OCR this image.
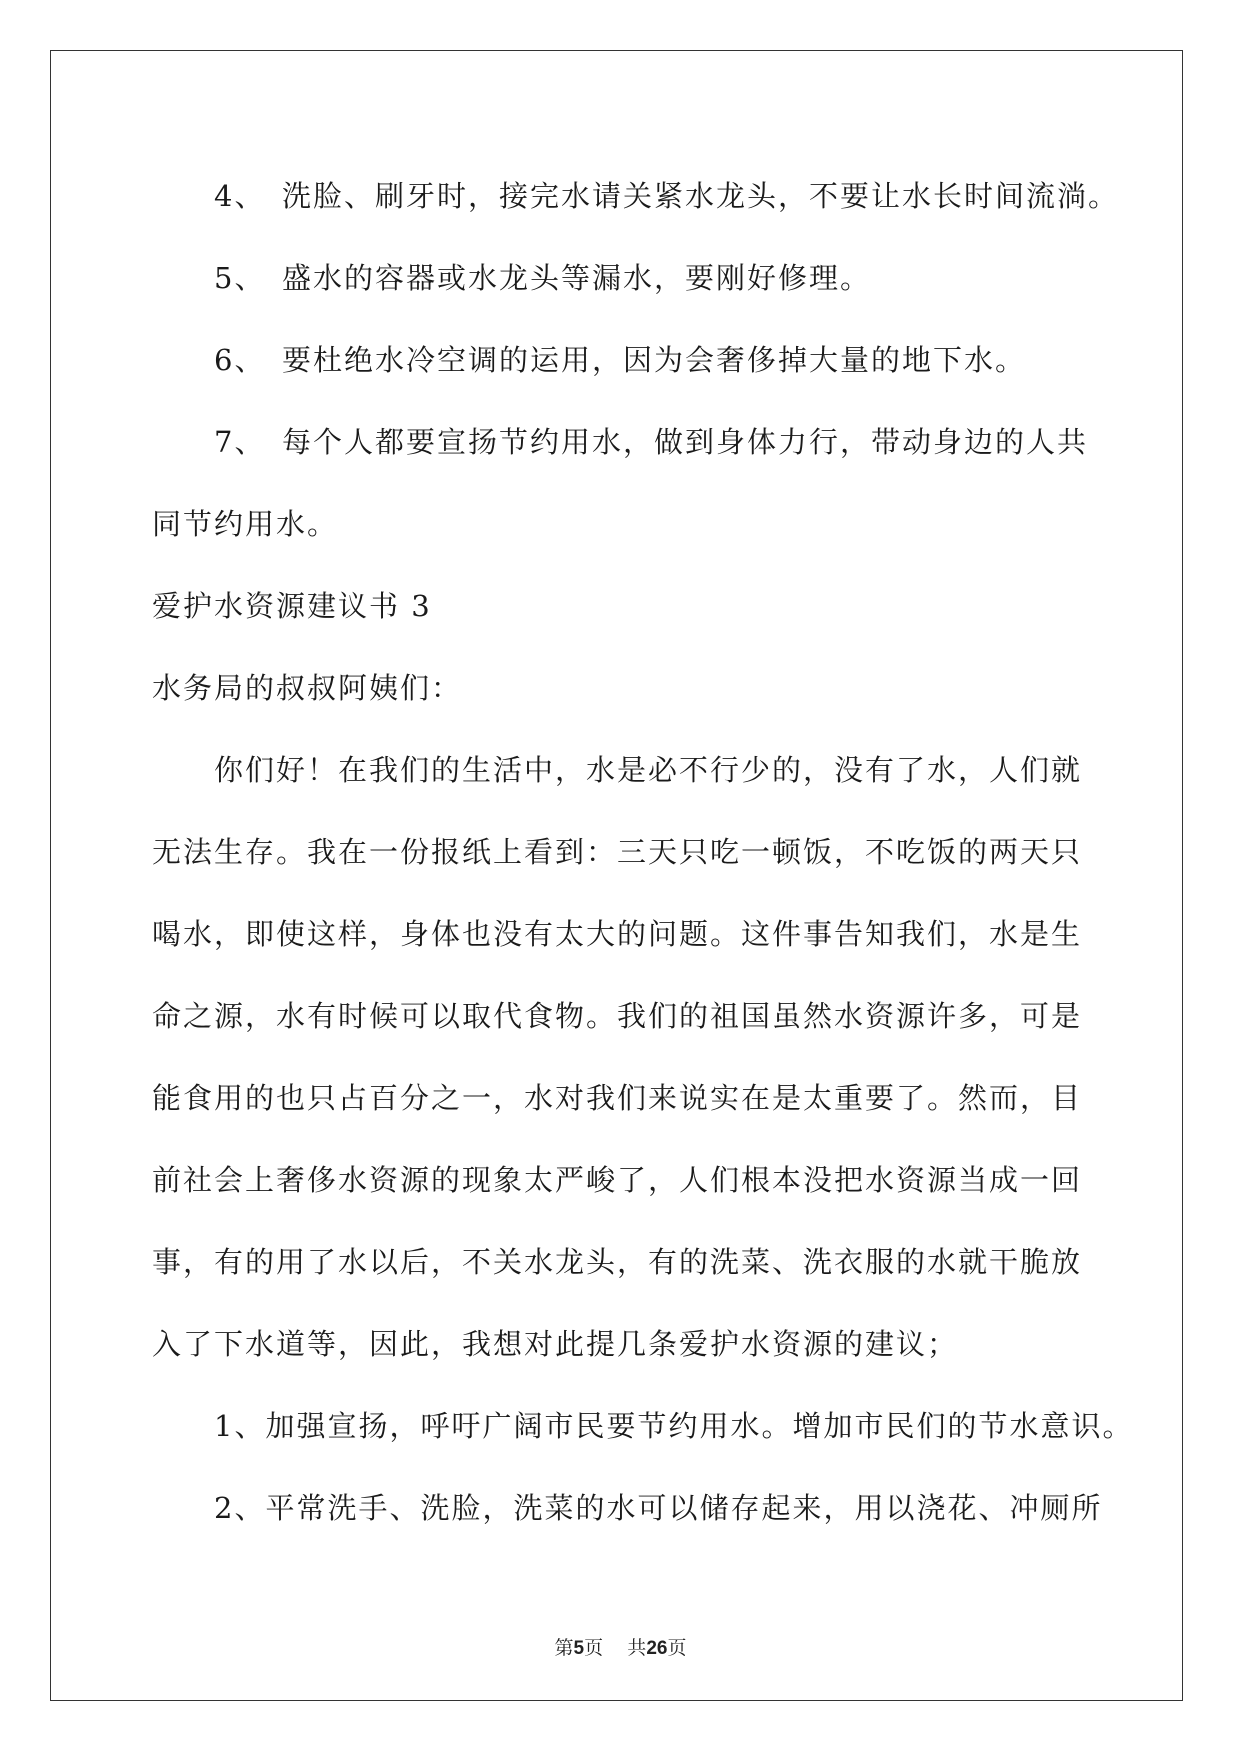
4、　洗脸、刷牙时，接完水请关紧水龙头，不要让水长时间流淌。

5、　盛水的容器或水龙头等漏水，要刚好修理。

6、　要杜绝水冷空调的运用，因为会奢侈掉大量的地下水。

7、　每个人都要宣扬节约用水，做到身体力行，带动身边的人共

同节约用水。

爱护水资源建议书 3

水务局的叔叔阿姨们：

你们好！在我们的生活中，水是必不行少的，没有了水，人们就

无法生存。我在一份报纸上看到：三天只吃一顿饭，不吃饭的两天只

喝水，即使这样，身体也没有太大的问题。这件事告知我们，水是生

命之源，水有时候可以取代食物。我们的祖国虽然水资源许多，可是

能食用的也只占百分之一，水对我们来说实在是太重要了。然而，目

前社会上奢侈水资源的现象太严峻了，人们根本没把水资源当成一回

事，有的用了水以后，不关水龙头，有的洗菜、洗衣服的水就干脆放

入了下水道等，因此，我想对此提几条爱护水资源的建议；

1、加强宣扬，呼吁广阔市民要节约用水。增加市民们的节水意识。

2、平常洗手、洗脸，洗菜的水可以储存起来，用以浇花、冲厕所

第5页 共26页
